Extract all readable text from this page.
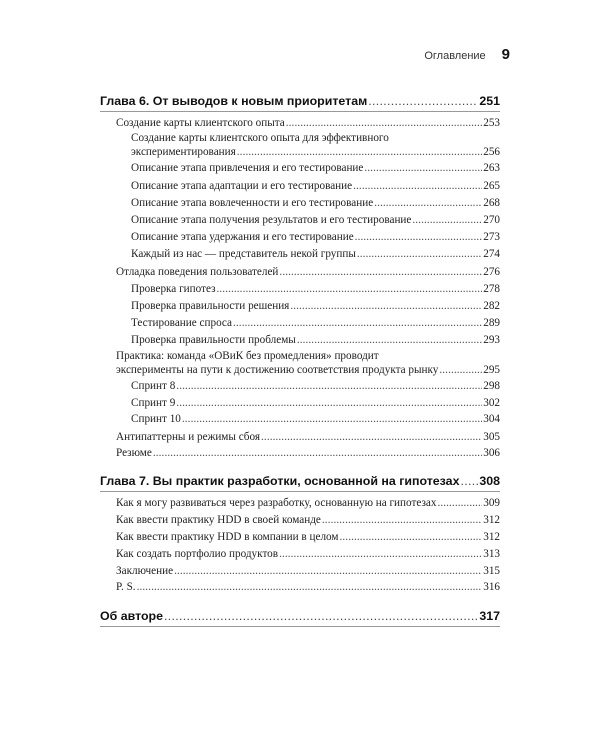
Оглавление 9
Глава 6. От выводов к новым приоритетам .....	251
Создание карты клиентского опыта .....	253
Создание карты клиентского опыта для эффективного
экспериментирования .....	256
Описание этапа привлечения и его тестирование .....	263
Описание этапа адаптации и его тестирование .....	265
Описание этапа вовлеченности и его тестирование .....	268
Описание этапа получения результатов и его тестирование .....	270
Описание этапа удержания и его тестирование .....	273
Каждый из нас — представитель некой группы .....	274
Отладка поведения пользователей .....	276
Проверка гипотез .....	278
Проверка правильности решения .....	282
Тестирование спроса .....	289
Проверка правильности проблемы .....	293
Практика: команда «ОВиК без промедления» проводит
эксперименты на пути к достижению соответствия продукта рынку .....	295
Спринт 8 .....	298
Спринт 9 .....	302
Спринт 10 .....	304
Антипаттерны и режимы сбоя .....	305
Резюме .....	306
Глава 7. Вы практик разработки, основанной на гипотезах ..... 308
Как я могу развиваться через разработку, основанную на гипотезах .....	309
Как ввести практику HDD в своей команде .....	312
Как ввести практику HDD в компании в целом .....	312
Как создать портфолио продуктов .....	313
Заключение .....	315
P. S. .....	316
Об авторе .....	317
